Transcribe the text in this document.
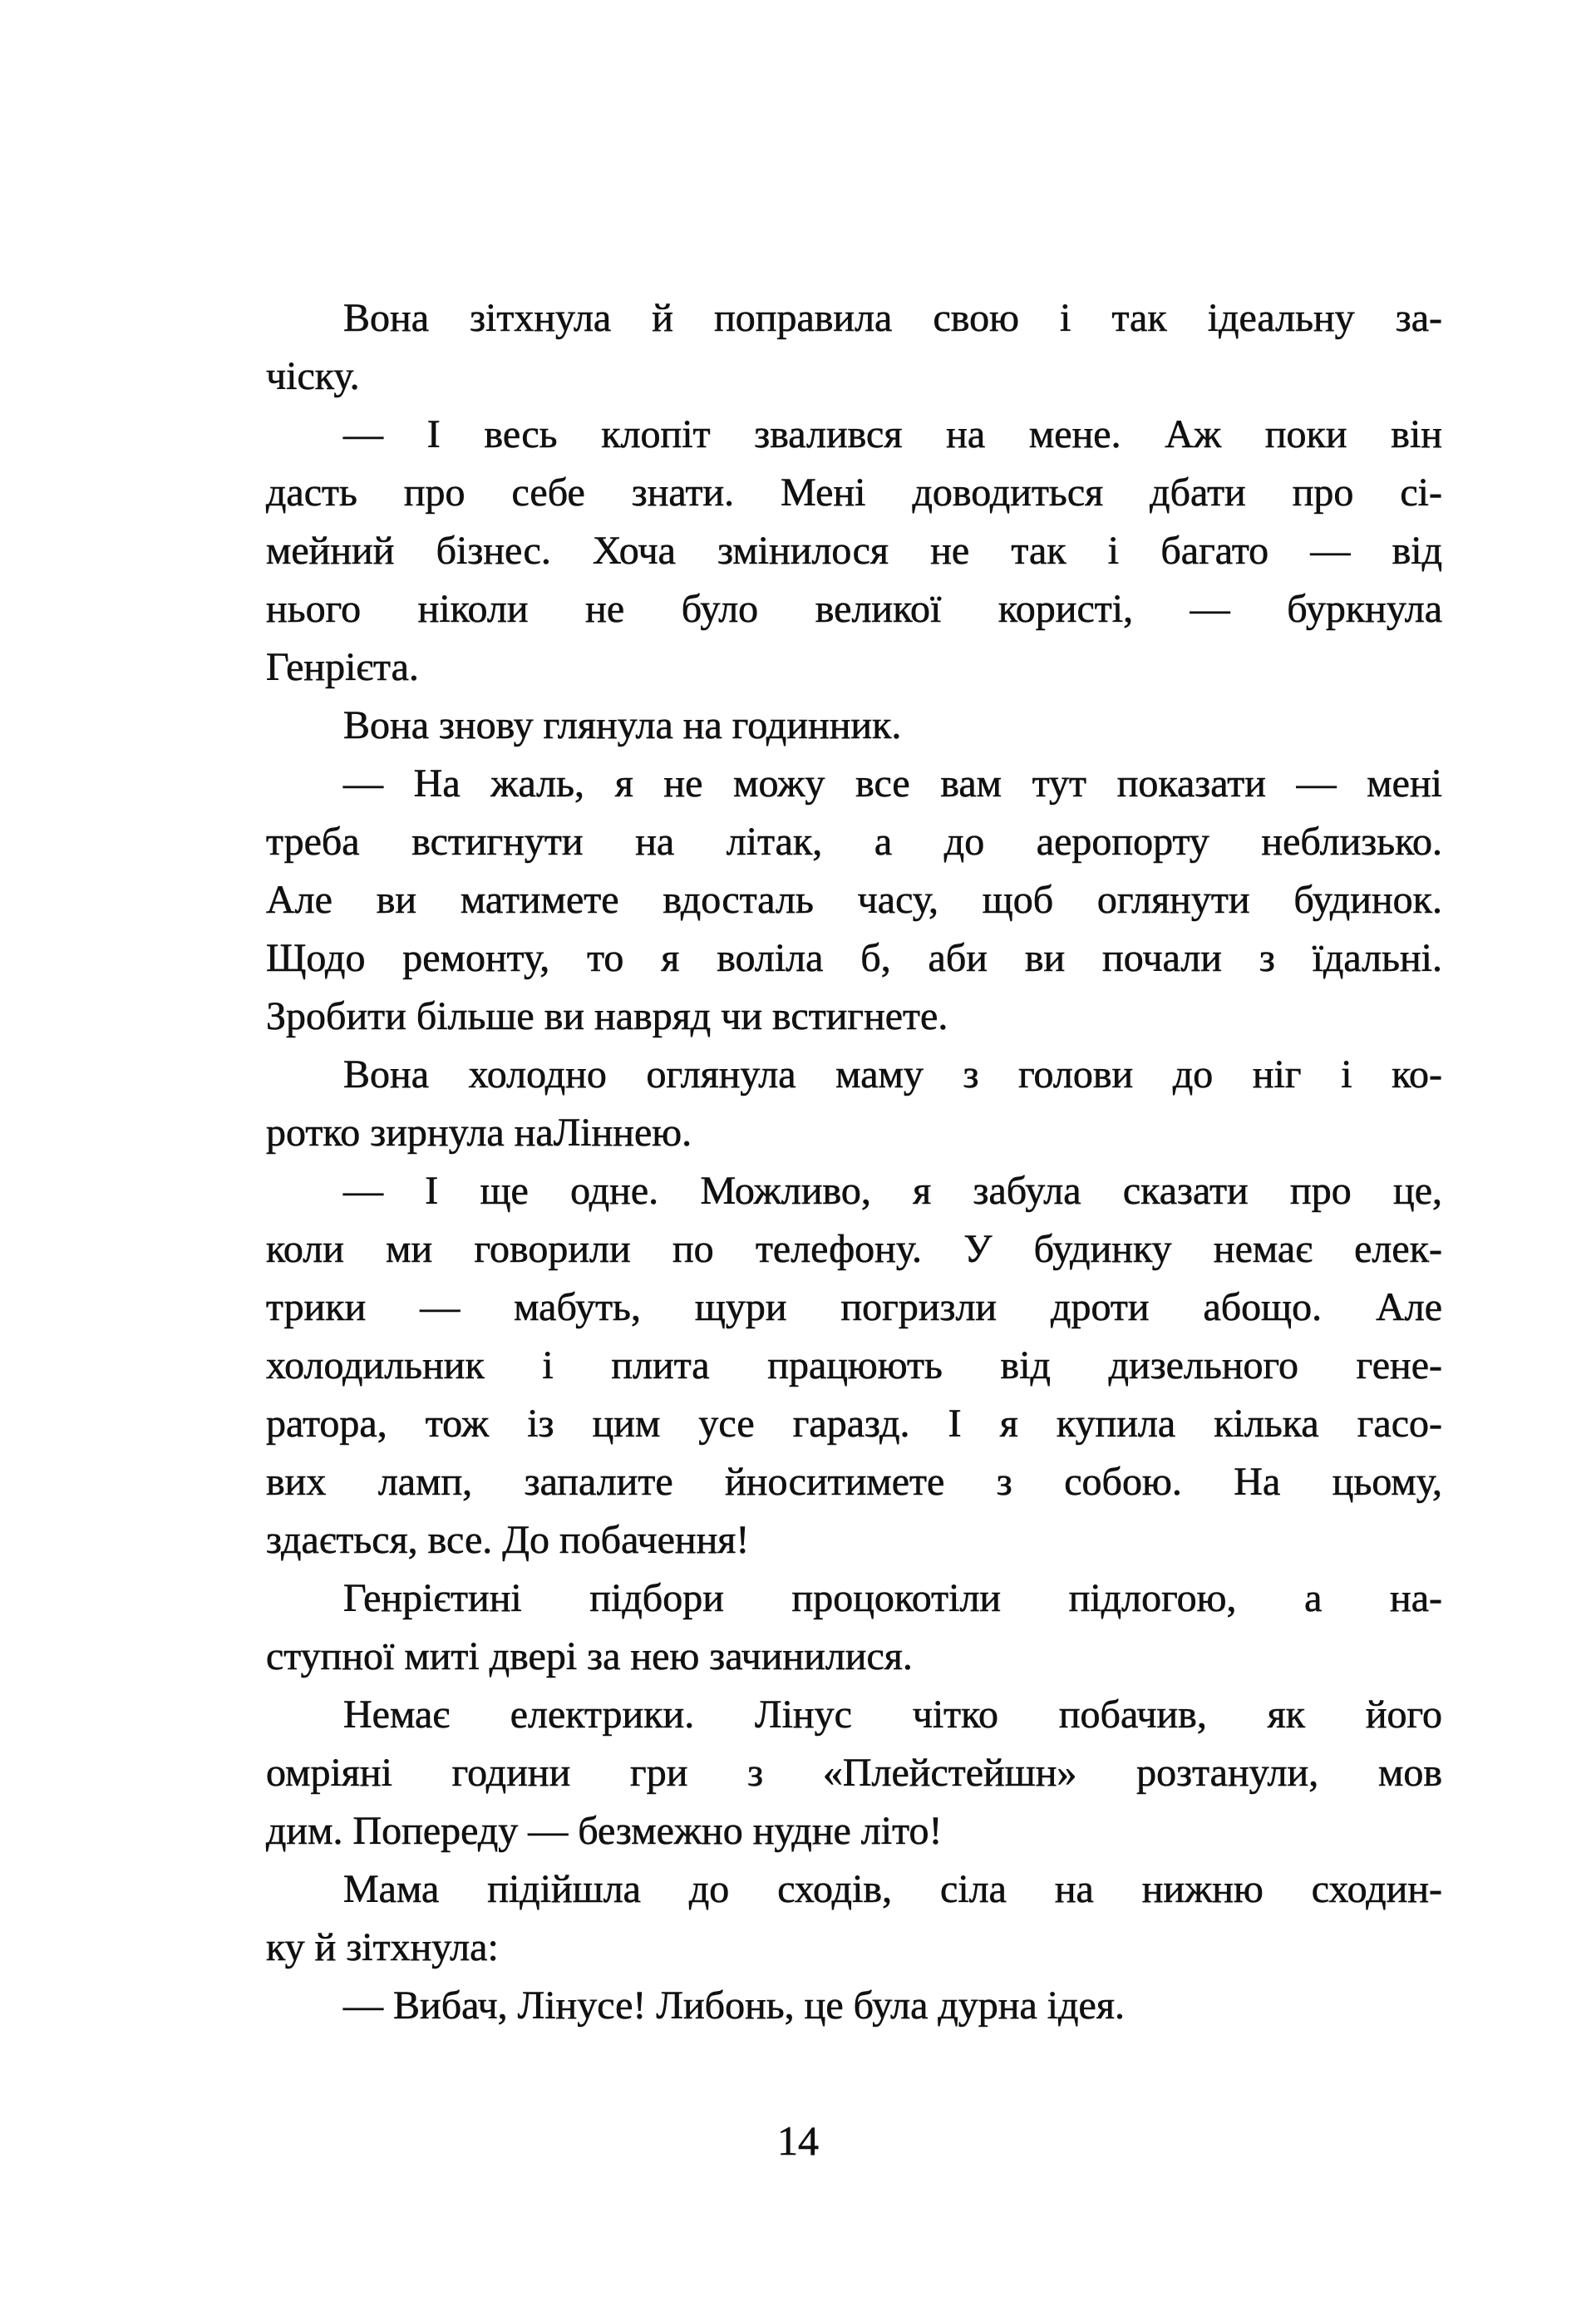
Вона зітхнула й поправила свою і так ідеальну за-
чіску.
— І весь клопіт звалився на мене. Аж поки він
дасть про себе знати. Мені доводиться дбати про сі-
мейний бізнес. Хоча змінилося не так і багато — від
нього ніколи не було великої користі, — буркнула
Генрієта.
Вона знову глянула на годинник.
— На жаль, я не можу все вам тут показати — мені
треба встигнути на літак, а до аеропорту неблизько.
Але ви матимете вдосталь часу, щоб оглянути будинок.
Щодо ремонту, то я воліла б, аби ви почали з їдальні.
Зробити більше ви навряд чи встигнете.
Вона холодно оглянула маму з голови до ніг і ко-
ротко зирнула наЛіннею.
— І ще одне. Можливо, я забула сказати про це,
коли ми говорили по телефону. У будинку немає елек-
трики — мабуть, щури погризли дроти абощо. Але
холодильник і плита працюють від дизельного гене-
ратора, тож із цим усе гаразд. І я купила кілька гасо-
вих ламп, запалите йноситимете з собою. На цьому,
здається, все. До побачення!
Генрієтині підбори процокотіли підлогою, а на-
ступної миті двері за нею зачинилися.
Немає електрики. Лінус чітко побачив, як його
омріяні години гри з «Плейстейшн» розтанули, мов
дим. Попереду — безмежно нудне літо!
Мама підійшла до сходів, сіла на нижню сходин-
ку й зітхнула:
— Вибач, Лінусе! Либонь, це була дурна ідея.
14
